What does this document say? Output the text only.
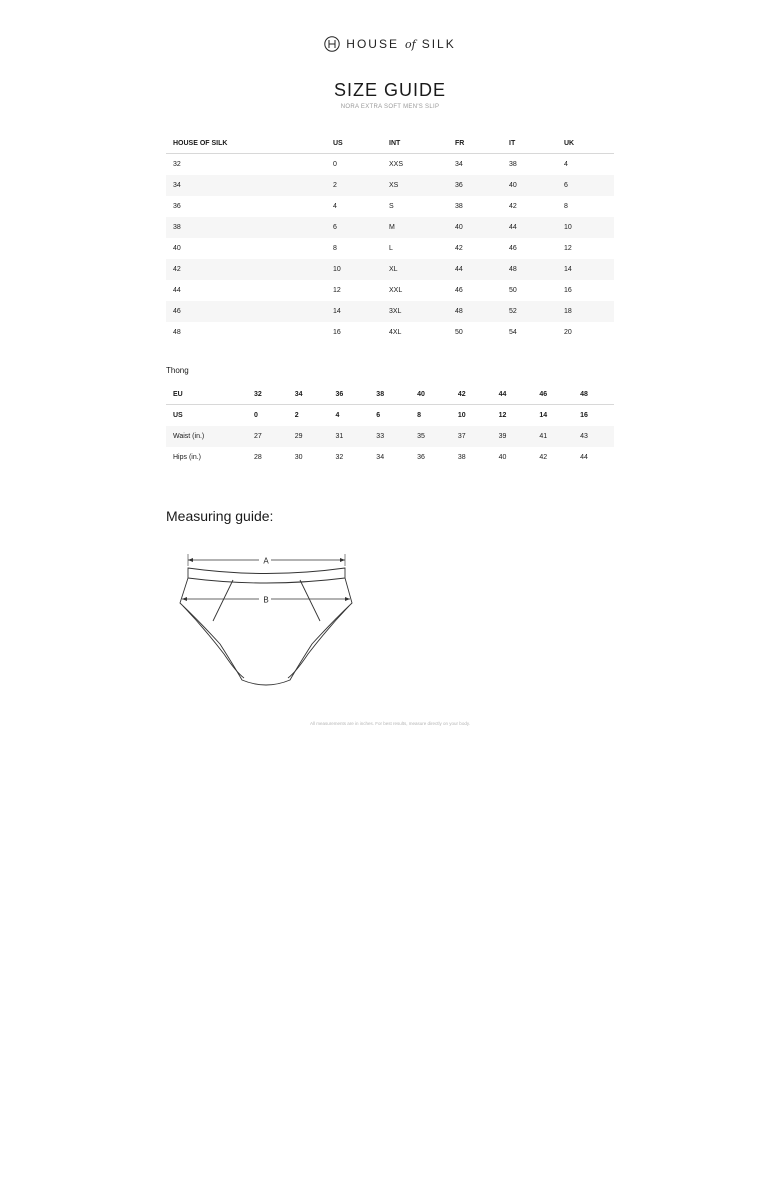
HOUSE of SILK
SIZE GUIDE
NORA EXTRA SOFT MEN'S SLIP
HOUSE OF SILK	US	INT	FR	IT	UK
32	0	XXS	34	38	4
34	2	XS	36	40	6
36	4	S	38	42	8
38	6	M	40	44	10
40	8	L	42	46	12
42	10	XL	44	48	14
44	12	XXL	46	50	16
46	14	3XL	48	52	18
48	16	4XL	50	54	20
Thong
EU	32	34	36	38	40	42	44	46	48
US	0	2	4	6	8	10	12	14	16
Waist (in.)	27	29	31	33	35	37	39	41	43
Hips (in.)	28	30	32	34	36	38	40	42	44
Measuring guide:
A
B
All measurements are in inches. For best results, measure directly on your body.
